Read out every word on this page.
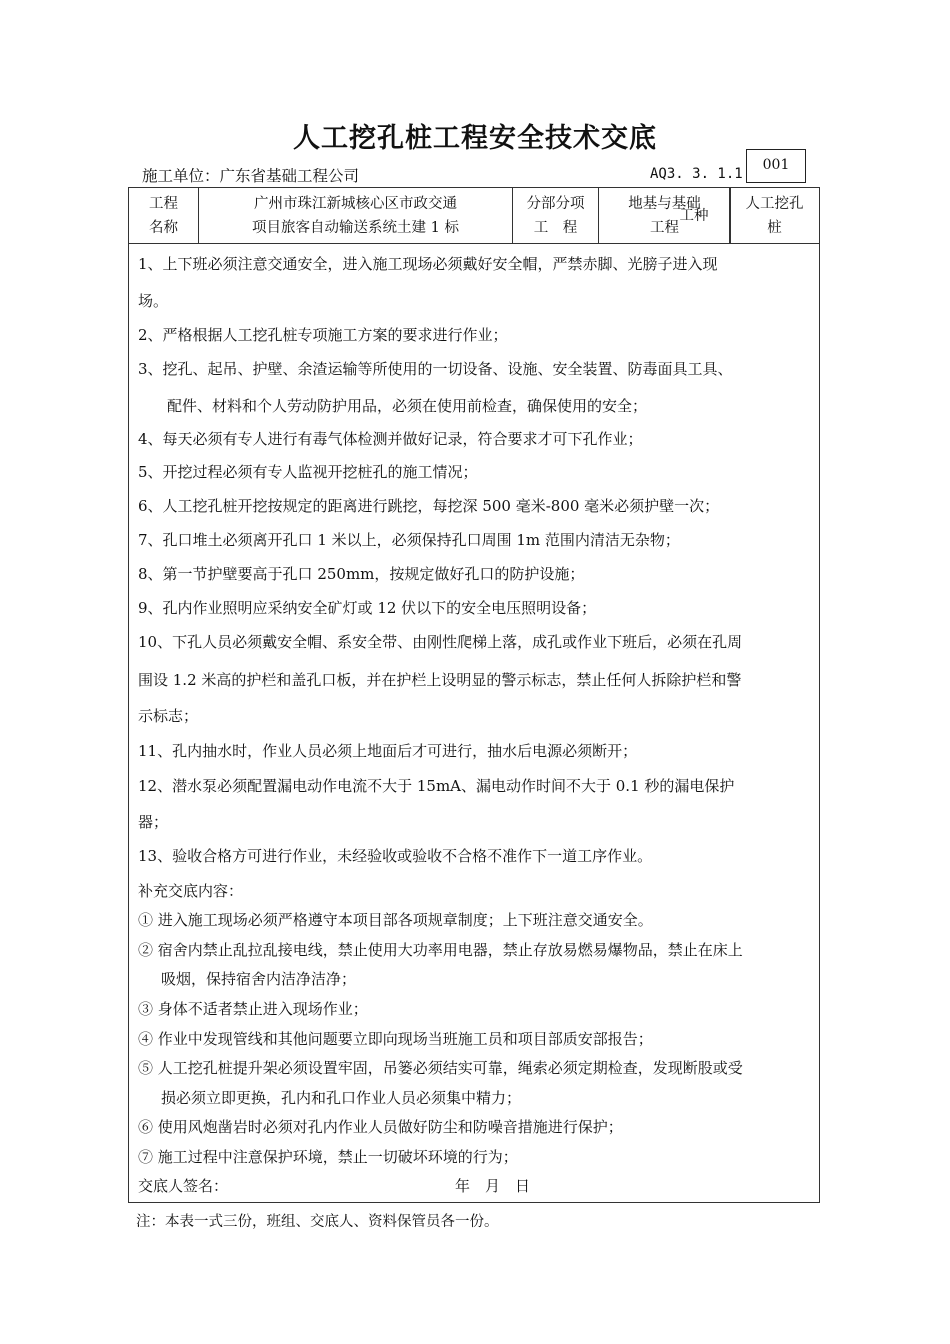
人工挖孔桩工程安全技术交底
施工单位：广东省基础工程公司	AQ3. 3. 1.1
001
工程
名称
广州市珠江新城核心区市政交通
项目旅客自动输送系统土建 1 标
分部分项
工　程
地基与基础
工程
工种
人工挖孔
桩
1、上下班必须注意交通安全，进入施工现场必须戴好安全帽，严禁赤脚、光膀子进入现
场。
2、严格根据人工挖孔桩专项施工方案的要求进行作业；
3、挖孔、起吊、护壁、余渣运输等所使用的一切设备、设施、安全装置、防毒面具工具、
配件、材料和个人劳动防护用品，必须在使用前检查，确保使用的安全；
4、每天必须有专人进行有毒气体检测并做好记录，符合要求才可下孔作业；
5、开挖过程必须有专人监视开挖桩孔的施工情况；
6、人工挖孔桩开挖按规定的距离进行跳挖，每挖深 500 毫米-800 毫米必须护壁一次；
7、孔口堆土必须离开孔口 1 米以上，必须保持孔口周围 1m 范围内清洁无杂物；
8、第一节护壁要高于孔口 250mm，按规定做好孔口的防护设施；
9、孔内作业照明应采纳安全矿灯或 12 伏以下的安全电压照明设备；
10、下孔人员必须戴安全帽、系安全带、由刚性爬梯上落，成孔或作业下班后，必须在孔周
围设 1.2 米高的护栏和盖孔口板，并在护栏上设明显的警示标志，禁止任何人拆除护栏和警
示标志；
11、孔内抽水时，作业人员必须上地面后才可进行，抽水后电源必须断开；
12、潜水泵必须配置漏电动作电流不大于 15mA、漏电动作时间不大于 0.1 秒的漏电保护
器；
13、验收合格方可进行作业，未经验收或验收不合格不准作下一道工序作业。
补充交底内容：
① 进入施工现场必须严格遵守本项目部各项规章制度；上下班注意交通安全。
② 宿舍内禁止乱拉乱接电线，禁止使用大功率用电器，禁止存放易燃易爆物品，禁止在床上
吸烟，保持宿舍内洁净洁净；
③ 身体不适者禁止进入现场作业；
④ 作业中发现管线和其他问题要立即向现场当班施工员和项目部质安部报告；
⑤ 人工挖孔桩提升架必须设置牢固，吊篓必须结实可靠，绳索必须定期检查，发现断股或受
损必须立即更换，孔内和孔口作业人员必须集中精力；
⑥ 使用风炮凿岩时必须对孔内作业人员做好防尘和防噪音措施进行保护；
⑦ 施工过程中注意保护环境，禁止一切破坏环境的行为；
交底人签名：	年　月　日
注：本表一式三份，班组、交底人、资料保管员各一份。
